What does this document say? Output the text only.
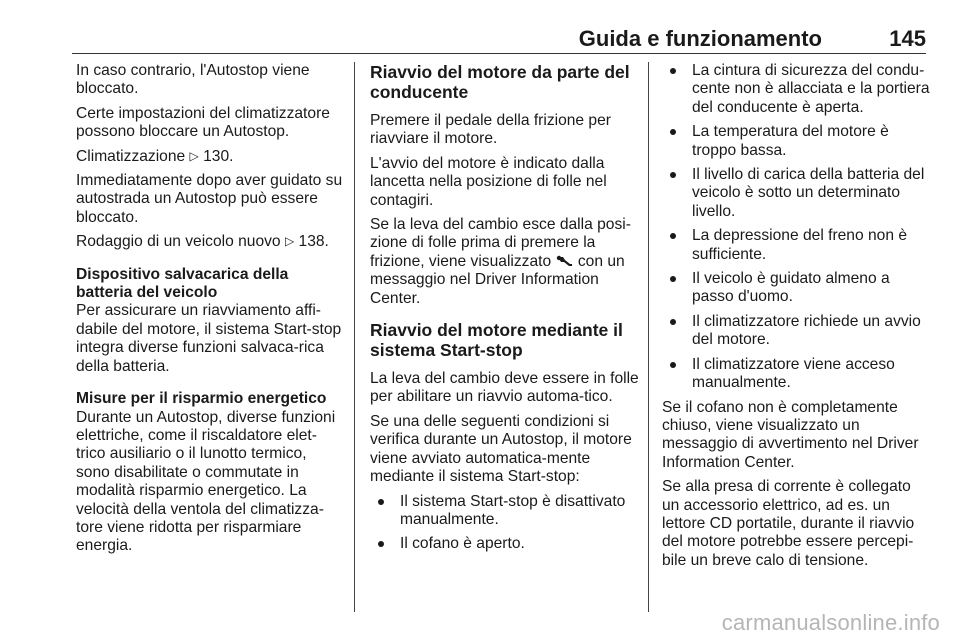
Guida e funzionamento	145

In caso contrario, l'Autostop viene bloccato.

Certe impostazioni del climatizzatore possono bloccare un Autostop.

Climatizzazione ▷ 130.

Immediatamente dopo aver guidato su autostrada un Autostop può essere bloccato.

Rodaggio di un veicolo nuovo ▷ 138.

Dispositivo salvacarica della batteria del veicolo

Per assicurare un riavviamento affi-dabile del motore, il sistema Start-stop integra diverse funzioni salvaca-rica della batteria.

Misure per il risparmio energetico

Durante un Autostop, diverse funzioni elettriche, come il riscaldatore elet-trico ausiliario o il lunotto termico, sono disabilitate o commutate in modalità risparmio energetico. La velocità della ventola del climatizza-tore viene ridotta per risparmiare energia.

Riavvio del motore da parte del conducente

Premere il pedale della frizione per riavviare il motore.

L'avvio del motore è indicato dalla lancetta nella posizione di folle nel contagiri.

Se la leva del cambio esce dalla posi-zione di folle prima di premere la frizione, viene visualizzato con un messaggio nel Driver Information Center.

Riavvio del motore mediante il sistema Start-stop

La leva del cambio deve essere in folle per abilitare un riavvio automa-tico.

Se una delle seguenti condizioni si verifica durante un Autostop, il motore viene avviato automatica-mente mediante il sistema Start-stop:

Il sistema Start-stop è disattivato manualmente.
Il cofano è aperto.
La cintura di sicurezza del condu-cente non è allacciata e la portiera del conducente è aperta.
La temperatura del motore è troppo bassa.
Il livello di carica della batteria del veicolo è sotto un determinato livello.
La depressione del freno non è sufficiente.
Il veicolo è guidato almeno a passo d'uomo.
Il climatizzatore richiede un avvio del motore.
Il climatizzatore viene acceso manualmente.

Se il cofano non è completamente chiuso, viene visualizzato un messaggio di avvertimento nel Driver Information Center.

Se alla presa di corrente è collegato un accessorio elettrico, ad es. un lettore CD portatile, durante il riavvio del motore potrebbe essere percepi-bile un breve calo di tensione.

carmanualsonline.info
